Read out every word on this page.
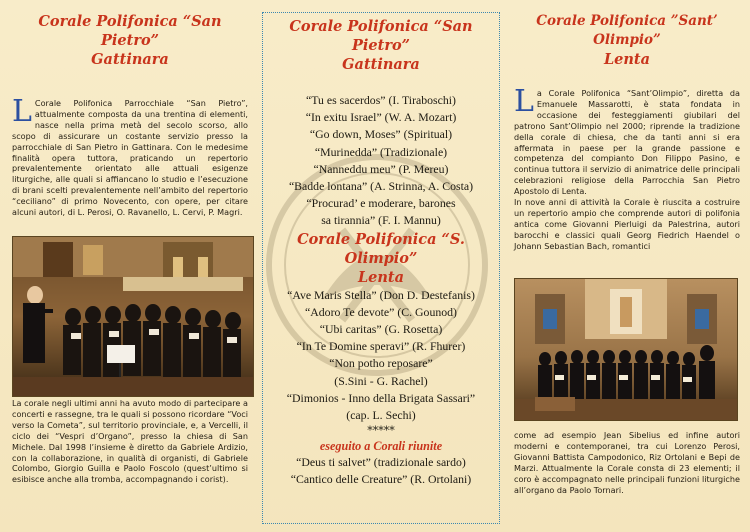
Corale Polifonica “San Pietro”

Gattinara

L Corale Polifonica Parrocchiale “San Pietro”, attualmente composta da una trentina di elementi, nasce nella prima metà del secolo scorso, allo scopo di assicurare un costante servizio presso la parrocchiale di San Pietro in Gattinara. Con le medesime finalità opera tuttora, praticando un repertorio prevalentemente orientato alle attuali esigenze liturgiche, alle quali si affiancano lo studio e l’esecuzione di brani scelti prevalentemente nell’ambito del repertorio “ceciliano” di primo Novecento, con opere, per citare alcuni autori, di L. Perosi, O. Ravanello, L. Cervi, P. Magri.

La corale negli ultimi anni ha avuto modo di partecipare a concerti e rassegne, tra le quali si possono ricordare “Voci verso la Cometa”, sul territorio provinciale, e, a Vercelli, il ciclo dei “Vespri d’Organo”, presso la chiesa di San Michele. Dal 1998 l’insieme è diretto da Gabriele Ardizio, con la collaborazione, in qualità di organisti, di Gabriele Colombo, Giorgio Guilla e Paolo Foscolo (quest’ultimo si esibisce anche alla tromba, accompagnando i corist).

Corale Polifonica “San Pietro”

Gattinara

“Tu es sacerdos” (I. Tiraboschi)

“In exitu Israel” (W. A. Mozart)

“Go down, Moses” (Spiritual)

“Murinedda” (Tradizionale)

“Nanneddu meu” (P. Mereu)

“Badde lontana” (A. Strinna, A. Costa)

“Procurad’ e moderare, barones

sa tirannia” (F. I. Mannu)

Corale Polifonica “S. Olimpio”

Lenta

“Ave Maris Stella” (Don D. Destefanis)

“Adoro Te devote” (C. Gounod)

“Ubi caritas” (G. Rosetta)

“In Te Domine speravi” (R. Fhurer)

“Non potho reposare”

(S.Sini - G. Rachel)

“Dimonios - Inno della Brigata Sassari”

(cap. L. Sechi)

*****
eseguito a Corali riunite

“Deus ti salvet” (tradizionale sardo)

“Cantico delle Creature” (R. Ortolani)

Corale Polifonica ”Sant’ Olimpio”

Lenta

La Corale Polifonica “Sant’Olimpio”, diretta da Emanuele Massarotti, è stata fondata in occasione dei festeggiamenti giubilari del patrono Sant’Olimpio nel 2000; riprende la tradizione della corale di chiesa, che da tanti anni si era affermata in paese per la grande passione e competenza del compianto Don Filippo Pasino, e continua tuttora il servizio di animatrice delle principali celebrazioni religiose della Parrocchia San Pietro Apostolo di Lenta.

In nove anni di attività la Corale è riuscita a costruire un repertorio ampio che comprende autori di polifonia antica come Giovanni Pierluigi da Palestrina, autori barocchi e classici quali Georg Fiedrich Haendel o Johann Sebastian Bach, romantici

come ad esempio Jean Sibelius ed infine autori moderni e contemporanei, tra cui Lorenzo Perosi, Giovanni Battista Campodonico, Riz Ortolani e Bepi de Marzi. Attualmente la Corale consta di 23 elementi; il coro è accompagnato nelle principali funzioni liturgiche all’organo da Paolo Tornari.
